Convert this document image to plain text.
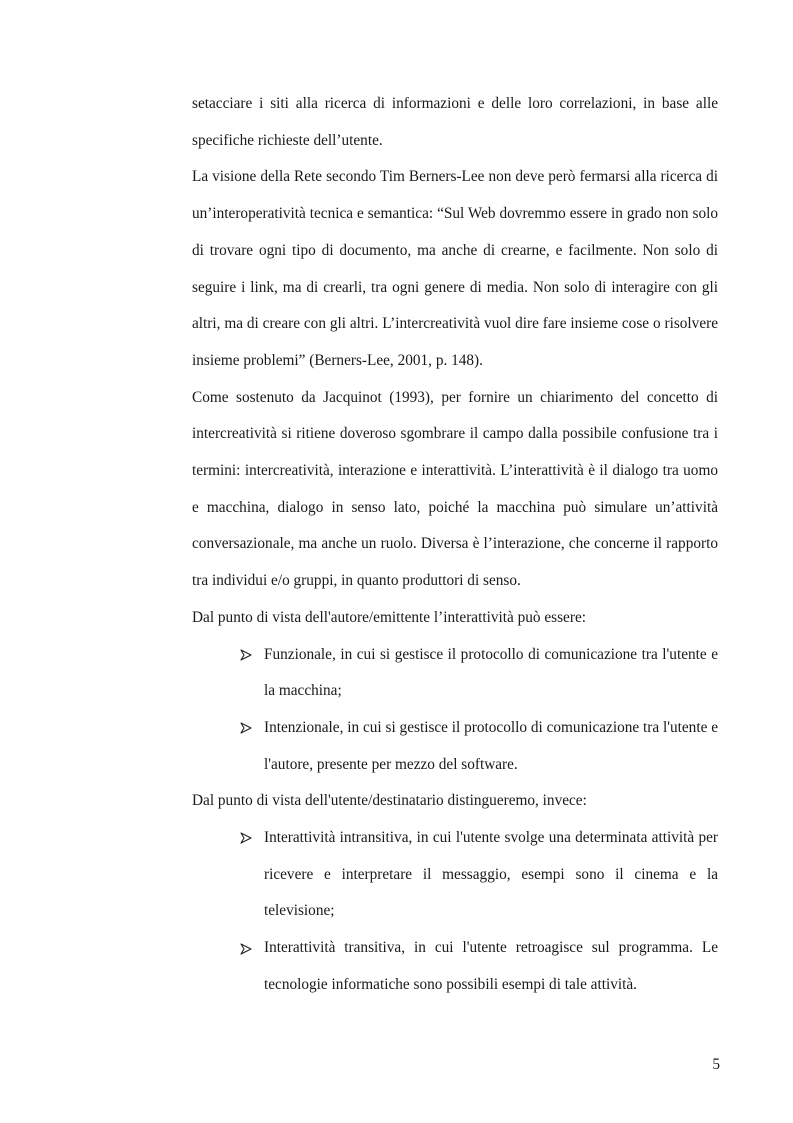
setacciare i siti alla ricerca di informazioni e delle loro correlazioni, in base alle specifiche richieste dell’utente.

La visione della Rete secondo Tim Berners-Lee non deve però fermarsi alla ricerca di un’interoperatività tecnica e semantica: “Sul Web dovremmo essere in grado non solo di trovare ogni tipo di documento, ma anche di crearne, e facilmente. Non solo di seguire i link, ma di crearli, tra ogni genere di media. Non solo di interagire con gli altri, ma di creare con gli altri. L’intercreatività vuol dire fare insieme cose o risolvere insieme problemi” (Berners-Lee, 2001, p. 148).

Come sostenuto da Jacquinot (1993), per fornire un chiarimento del concetto di intercreatività si ritiene doveroso sgombrare il campo dalla possibile confusione tra i termini: intercreatività, interazione e interattività. L’interattività è il dialogo tra uomo e macchina, dialogo in senso lato, poiché la macchina può simulare un’attività conversazionale, ma anche un ruolo. Diversa è l’interazione, che concerne il rapporto tra individui e/o gruppi, in quanto produttori di senso.

Dal punto di vista dell'autore/emittente l’interattività può essere:

Funzionale, in cui si gestisce il protocollo di comunicazione tra l'utente e la macchina;
Intenzionale, in cui si gestisce il protocollo di comunicazione tra l'utente e l'autore, presente per mezzo del software.

Dal punto di vista dell'utente/destinatario distingueremo, invece:

Interattività intransitiva, in cui l'utente svolge una determinata attività per ricevere e interpretare il messaggio, esempi sono il cinema e la televisione;
Interattività transitiva, in cui l'utente retroagisce sul programma. Le tecnologie informatiche sono possibili esempi di tale attività.
5
